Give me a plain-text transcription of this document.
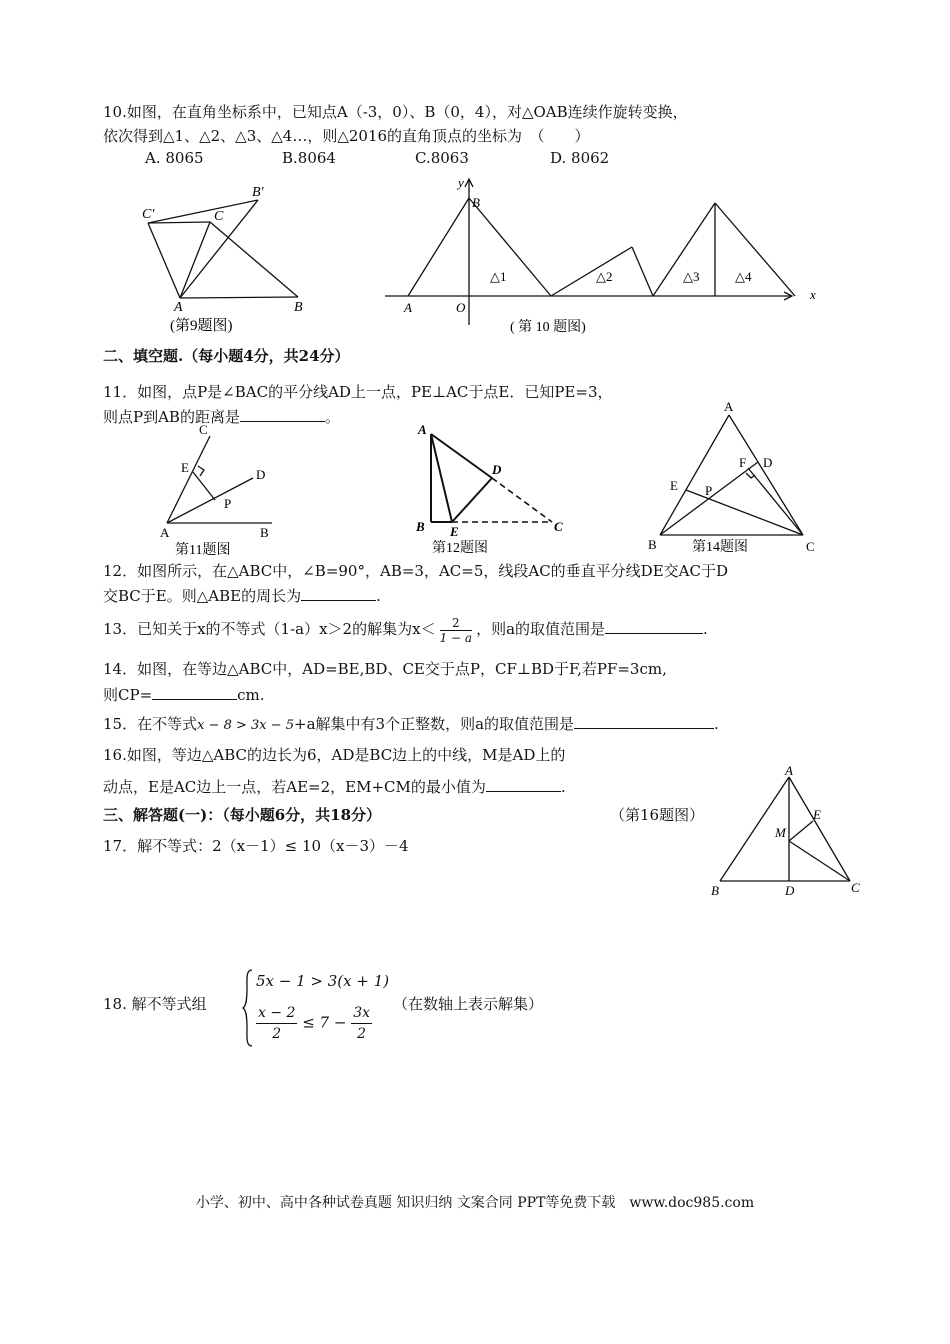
10.如图，在直角坐标系中，已知点A（-3，0）、B（0，4），对△OAB连续作旋转变换，
依次得到△1、△2、△3、△4…，则△2016的直角顶点的坐标为　（　　）
A. 8065	B.8064	C.8063	D. 8062
C′
B′
C
A	B
(第9题图)
y
B
A	O
x
△1	△2	△3	△4
( 第 10 题图)
二、填空题.（每小题4分，共24分）
11．如图，点P是∠BAC的平分线AD上一点，PE⊥AC于点E．已知PE=3，
则点P到AB的距离是	。
C
E	D
P
A	B
第11题图
A
D
B E	C
第12题图
A
F D
E P
B	C
第14题图
12．如图所示，在△ABC中，∠B=90°，AB=3，AC=5，线段AC的垂直平分线DE交AC于D
交BC于E。则△ABE的周长为	.
13．已知关于x的不等式（1-a）x＞2的解集为$x< \frac{2}{1 - a}$ ，则a的取值范围是	.
14．如图，在等边△ABC中，AD=BE,BD、CE交于点P，CF⊥BD于F,若PF=3cm,
则CP=	cm.
15．在不等式x − 8 > 3x − 5+a解集中有3个正整数，则a的取值范围是	.
16.如图，等边△ABC的边长为6，AD是BC边上的中线，M是AD上的
动点，E是AC边上一点，若AE=2，EM+CM的最小值为	.
三、解答题(一)：（每小题6分，共18分）	（第16题图）
A
E
M
B	D	C
17．解不等式：2（x－1）≤ 10（x－3）－4
18. 解不等式组
5x − 1 > 3(x + 1)
$\frac{x - 2}{2} \le 7 - \frac{3x}{2}$ （在数轴上表示解集）
小学、初中、高中各种试卷真题 知识归纳 文案合同 PPT等免费下载　www.doc985.com
